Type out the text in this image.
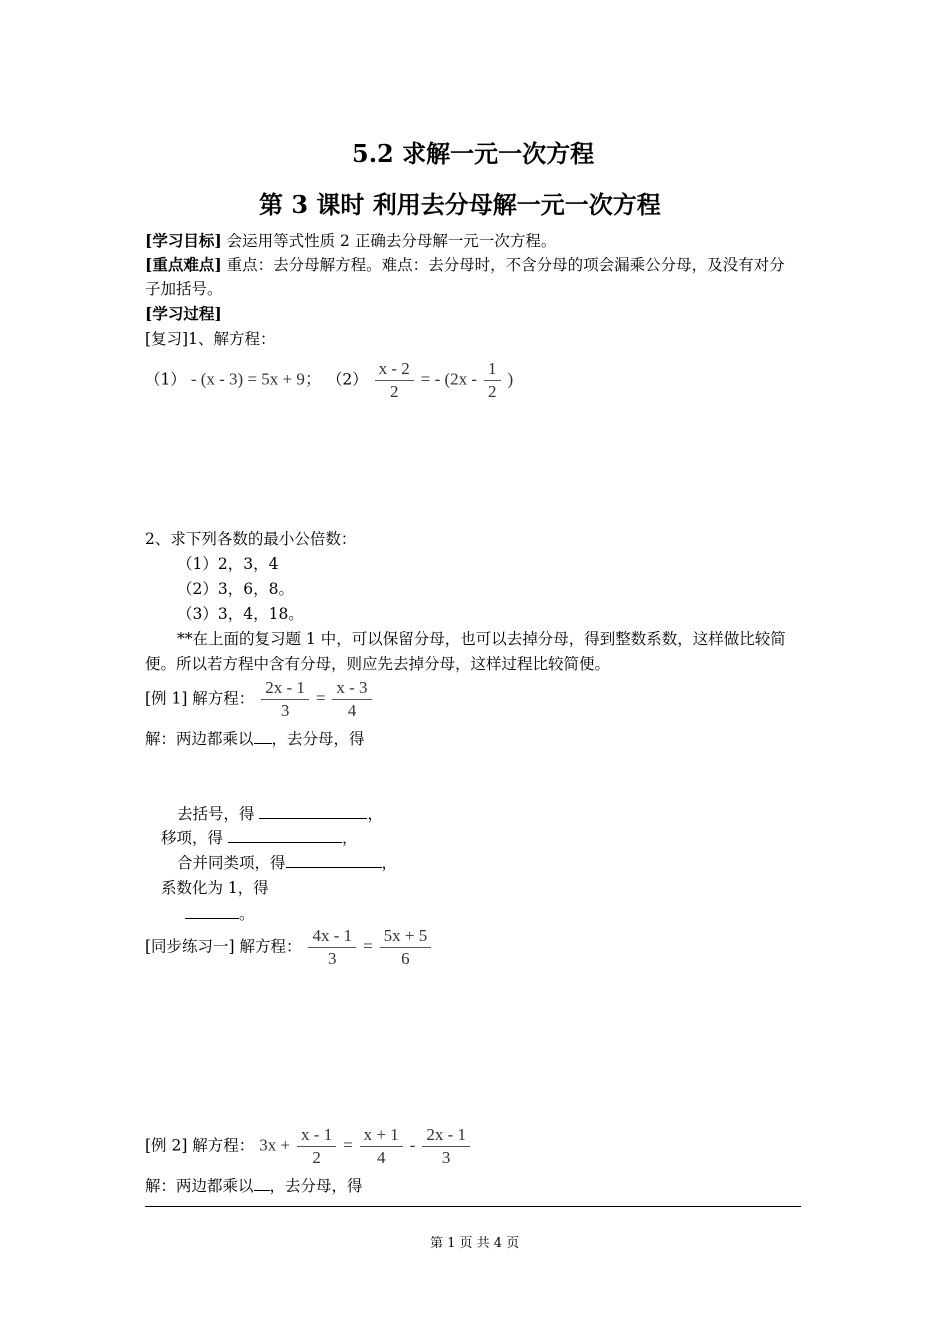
5.2 求解一元一次方程
第 3 课时 利用去分母解一元一次方程
[学习目标] 会运用等式性质 2 正确去分母解一元一次方程。
[重点难点] 重点：去分母解方程。难点：去分母时，不含分母的项会漏乘公分母，及没有对分
子加括号。
[学习过程]
[复习]1、解方程：
（1） - (x - 3) = 5x + 9； $(2) \frac{x - 2}{2}$ = - ($2x - \frac{1}{2}$ )
2、求下列各数的最小公倍数：
（1）2，3，4
（2）3，6，8。
（3）3，4，18。
**在上面的复习题 1 中，可以保留分母，也可以去掉分母，得到整数系数，这样做比较简
便。所以若方程中含有分母，则应先去掉分母，这样过程比较简便。
[例 1] 解方程： $\frac{2x - 1}{3} = \frac{x - 3}{4}$
解：两边都乘以 ，去分母，得
去括号，得	，
移项，得	，
合并同类项，得	，
系数化为 1，得
。
[同步练习一] 解方程： $\frac{4x - 1}{3} = \frac{5x + 5}{6}$
[例 2] 解方程： $3x + \frac{x - 1}{2} = \frac{x + 1}{4} - \frac{2x - 1}{3}$
解：两边都乘以 ，去分母，得
第 1 页 共 4 页
